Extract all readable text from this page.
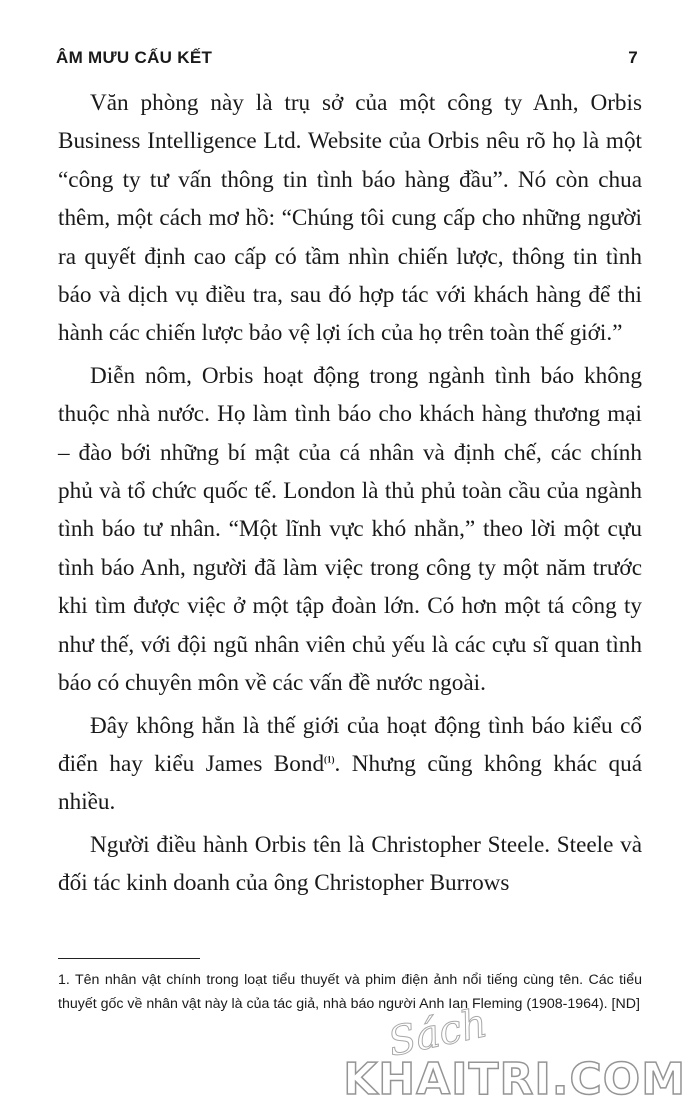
ÂM MƯU CẤU KẾT	7

Văn phòng này là trụ sở của một công ty Anh, Orbis Business Intelligence Ltd. Website của Orbis nêu rõ họ là một “công ty tư vấn thông tin tình báo hàng đầu”. Nó còn chua thêm, một cách mơ hồ: “Chúng tôi cung cấp cho những người ra quyết định cao cấp có tầm nhìn chiến lược, thông tin tình báo và dịch vụ điều tra, sau đó hợp tác với khách hàng để thi hành các chiến lược bảo vệ lợi ích của họ trên toàn thế giới.”

Diễn nôm, Orbis hoạt động trong ngành tình báo không thuộc nhà nước. Họ làm tình báo cho khách hàng thương mại – đào bới những bí mật của cá nhân và định chế, các chính phủ và tổ chức quốc tế. London là thủ phủ toàn cầu của ngành tình báo tư nhân. “Một lĩnh vực khó nhằn,” theo lời một cựu tình báo Anh, người đã làm việc trong công ty một năm trước khi tìm được việc ở một tập đoàn lớn. Có hơn một tá công ty như thế, với đội ngũ nhân viên chủ yếu là các cựu sĩ quan tình báo có chuyên môn về các vấn đề nước ngoài.

Đây không hẳn là thế giới của hoạt động tình báo kiểu cổ điển hay kiểu James Bond$^{(1)}$. Nhưng cũng không khác quá nhiều.

Người điều hành Orbis tên là Christopher Steele. Steele và đối tác kinh doanh của ông Christopher Burrows

1. Tên nhân vật chính trong loạt tiểu thuyết và phim điện ảnh nổi tiếng cùng tên. Các tiểu thuyết gốc về nhân vật này là của tác giả, nhà báo người Anh Ian Fleming (1908-1964). [ND]
Sách
KHAITRI.COM
